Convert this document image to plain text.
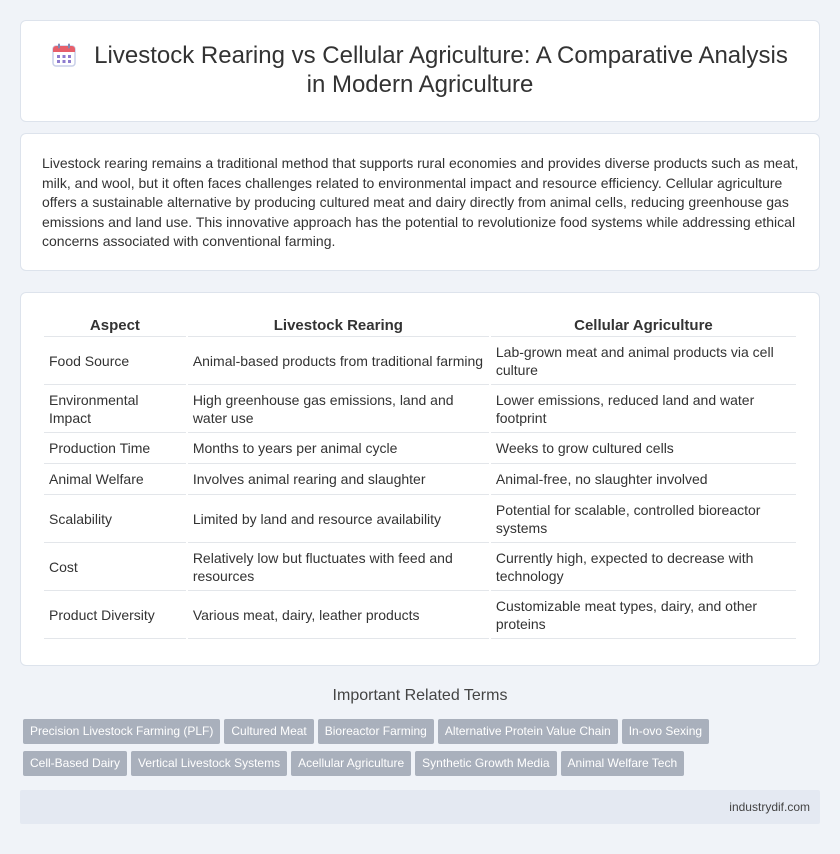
Livestock Rearing vs Cellular Agriculture: A Comparative Analysis in Modern Agriculture

Livestock rearing remains a traditional method that supports rural economies and provides diverse products such as meat, milk, and wool, but it often faces challenges related to environmental impact and resource efficiency. Cellular agriculture offers a sustainable alternative by producing cultured meat and dairy directly from animal cells, reducing greenhouse gas emissions and land use. This innovative approach has the potential to revolutionize food systems while addressing ethical concerns associated with conventional farming.

Aspect	Livestock Rearing	Cellular Agriculture
Food Source	Animal-based products from traditional farming	Lab-grown meat and animal products via cell culture
Environmental Impact	High greenhouse gas emissions, land and water use	Lower emissions, reduced land and water footprint
Production Time	Months to years per animal cycle	Weeks to grow cultured cells
Animal Welfare	Involves animal rearing and slaughter	Animal-free, no slaughter involved
Scalability	Limited by land and resource availability	Potential for scalable, controlled bioreactor systems
Cost	Relatively low but fluctuates with feed and resources	Currently high, expected to decrease with technology
Product Diversity	Various meat, dairy, leather products	Customizable meat types, dairy, and other proteins
Important Related Terms
Precision Livestock Farming (PLF) Cultured Meat Bioreactor Farming Alternative Protein Value Chain In-ovo Sexing
Cell-Based Dairy Vertical Livestock Systems Acellular Agriculture Synthetic Growth Media Animal Welfare Tech
industrydif.com
